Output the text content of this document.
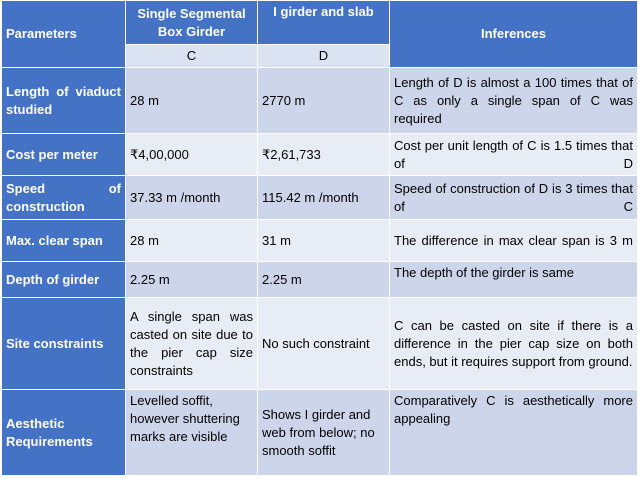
Parameters	Single Segmental Box Girder	I girder and slab	Inferences
	C	D	
Length of viaduct studied	28 m	2770 m	Length of D is almost a 100 times that of C as only a single span of C was required
Cost per meter	₹4,00,000	₹2,61,733	Cost per unit length of C is 1.5 times that of D
Speed of construction	37.33 m /month	115.42 m /month	Speed of construction of D is 3 times that of C
Max. clear span	28 m	31 m	The difference in max clear span is 3 m
Depth of girder	2.25 m	2.25 m	The depth of the girder is same
Site constraints	A single span was casted on site due to the pier cap size constraints	No such constraint	C can be casted on site if there is a difference in the pier cap size on both ends, but it requires support from ground.
Aesthetic Requirements	Levelled soffit, however shuttering marks are visible	Shows I girder and web from below; no smooth soffit	Comparatively C is aesthetically more appealing
